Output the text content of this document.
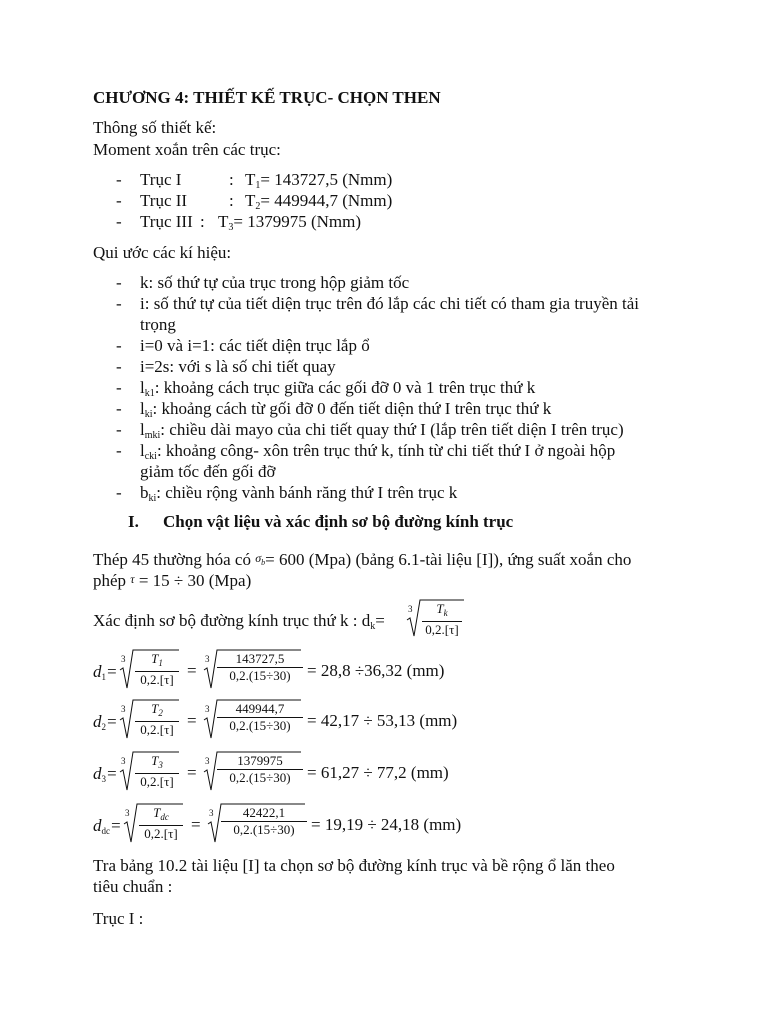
CHƯƠNG 4: THIẾT KẾ TRỤC- CHỌN THEN
Thông số thiết kế:
Moment xoắn trên các trục:
- Trục I	: $T_1= 143727,5$ (Nmm)
- Trục II : $T_2= 449944,7$ (Nmm)
- Trục III : $T_3= 1379975$ (Nmm)
Qui ước các kí hiệu:
- k: số thứ tự của trục trong hộp giảm tốc
- i: số thứ tự của tiết diện trục trên đó lắp các chi tiết có tham gia truyền tải
trọng
- i=0 và i=1: các tiết diện trục lắp ổ
- i=2s: với s là số chi tiết quay
- $l_{k1}$: khoảng cách trục giữa các gối đỡ 0 và 1 trên trục thứ k
- $l_{ki}$: khoảng cách từ gối đỡ 0 đến tiết diện thứ I trên trục thứ k
- $l_{mki}$: chiều dài mayo của chi tiết quay thứ I (lắp trên tiết diện I trên trục)
- $l_{cki}$: khoảng công- xôn trên trục thứ k, tính từ chi tiết thứ I ở ngoài hộp
giảm tốc đến gối đỡ
- $b_{ki}$: chiều rộng vành bánh răng thứ I trên trục k
I. Chọn vật liệu và xác định sơ bộ đường kính trục
Thép 45 thường hóa có σb= 600 (Mpa) (bảng 6.1-tài liệu [I]), ứng suất xoắn cho
phép τ = 15 ÷ 30 (Mpa)
Xác định sơ bộ đường kính trục thứ k : $d_k=$
$3 \frac{T_k}{0,2.[\tau]}$
d1=
$3 \frac{T_1}{0,2.[\tau]}$ =
$3 \frac{143727,5}{0,2.(15\div 30)} = 28,8 \div 36,32$ (mm)
d2=
$3 \frac{T_2}{0,2.[\tau]}$ =
$3 \frac{449944,7}{0,2.(15\div 30)} = 42,17 \div 53,13$ (mm)
d3=
$3 \frac{T_3}{0,2.[\tau]}$ =
$3 \frac{1379975}{0,2.(15\div 30)} = 61,27 \div 77,2$ (mm)
ddc=
3	$T_{dc}$
0,2.[τ] =
$3 \frac{42422,1}{0,2.(15\div 30)} = 19,19 \div 24,18$ (mm)
Tra bảng 10.2 tài liệu [I] ta chọn sơ bộ đường kính trục và bề rộng ổ lăn theo
tiêu chuẩn :
Trục I :
